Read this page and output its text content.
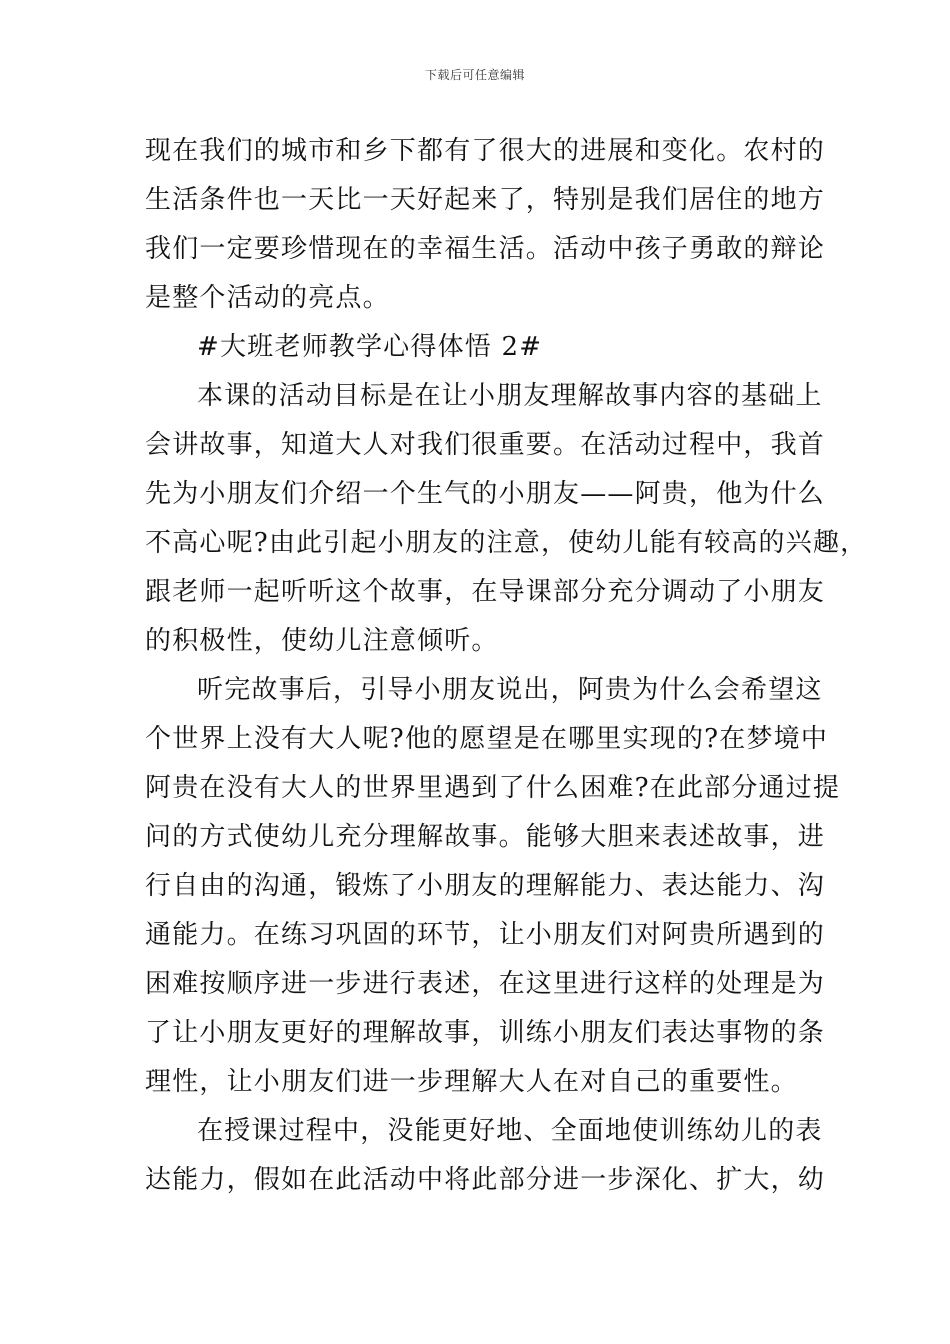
下载后可任意编辑
现在我们的城市和乡下都有了很大的进展和变化。农村的
生活条件也一天比一天好起来了，特别是我们居住的地方
我们一定要珍惜现在的幸福生活。活动中孩子勇敢的辩论
是整个活动的亮点。
#大班老师教学心得体悟 2#
本课的活动目标是在让小朋友理解故事内容的基础上
会讲故事，知道大人对我们很重要。在活动过程中，我首
先为小朋友们介绍一个生气的小朋友——阿贵，他为什么
不高心呢?由此引起小朋友的注意，使幼儿能有较高的兴趣，
跟老师一起听听这个故事，在导课部分充分调动了小朋友
的积极性，使幼儿注意倾听。
听完故事后，引导小朋友说出，阿贵为什么会希望这
个世界上没有大人呢?他的愿望是在哪里实现的?在梦境中
阿贵在没有大人的世界里遇到了什么困难?在此部分通过提
问的方式使幼儿充分理解故事。能够大胆来表述故事，进
行自由的沟通，锻炼了小朋友的理解能力、表达能力、沟
通能力。在练习巩固的环节，让小朋友们对阿贵所遇到的
困难按顺序进一步进行表述，在这里进行这样的处理是为
了让小朋友更好的理解故事，训练小朋友们表达事物的条
理性，让小朋友们进一步理解大人在对自己的重要性。
在授课过程中，没能更好地、全面地使训练幼儿的表
达能力，假如在此活动中将此部分进一步深化、扩大，幼
